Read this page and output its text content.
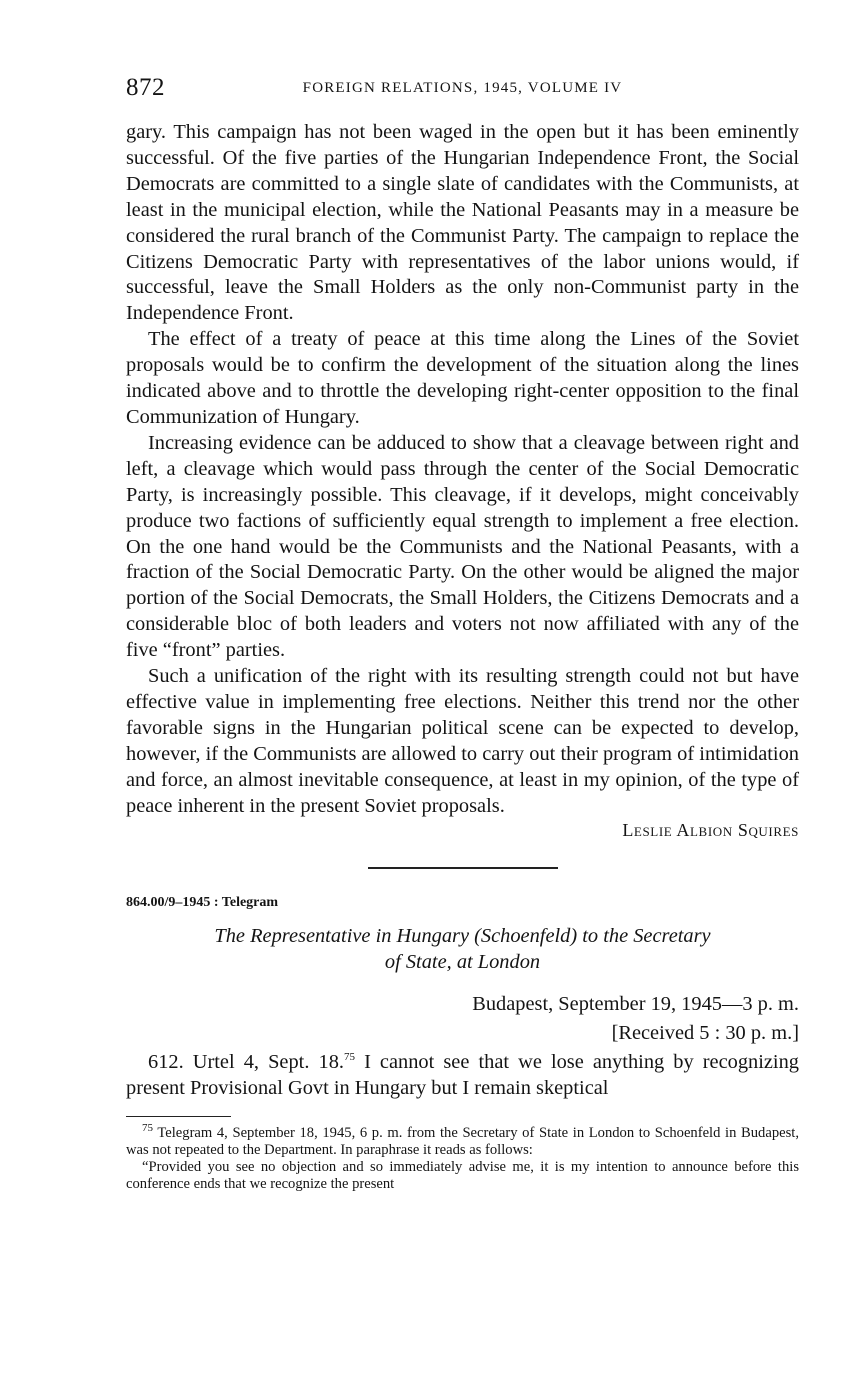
872	FOREIGN RELATIONS, 1945, VOLUME IV

gary. This campaign has not been waged in the open but it has been eminently successful. Of the five parties of the Hungarian Independence Front, the Social Democrats are committed to a single slate of candidates with the Communists, at least in the municipal election, while the National Peasants may in a measure be considered the rural branch of the Communist Party. The campaign to replace the Citizens Democratic Party with representatives of the labor unions would, if successful, leave the Small Holders as the only non-Communist party in the Independence Front.

The effect of a treaty of peace at this time along the Lines of the Soviet proposals would be to confirm the development of the situation along the lines indicated above and to throttle the developing right-center opposition to the final Communization of Hungary.

Increasing evidence can be adduced to show that a cleavage between right and left, a cleavage which would pass through the center of the Social Democratic Party, is increasingly possible. This cleavage, if it develops, might conceivably produce two factions of sufficiently equal strength to implement a free election. On the one hand would be the Communists and the National Peasants, with a fraction of the Social Democratic Party. On the other would be aligned the major portion of the Social Democrats, the Small Holders, the Citizens Democrats and a considerable bloc of both leaders and voters not now affiliated with any of the five “front” parties.

Such a unification of the right with its resulting strength could not but have effective value in implementing free elections. Neither this trend nor the other favorable signs in the Hungarian political scene can be expected to develop, however, if the Communists are allowed to carry out their program of intimidation and force, an almost inevitable consequence, at least in my opinion, of the type of peace inherent in the present Soviet proposals.

Leslie Albion Squires
864.00/9–1945 : Telegram
The Representative in Hungary (Schoenfeld) to the Secretary
of State, at London
Budapest, September 19, 1945—3 p. m.
[Received 5 : 30 p. m.]

612. Urtel 4, Sept. 18.75 I cannot see that we lose anything by recognizing present Provisional Govt in Hungary but I remain skeptical

$^{75}$ Telegram 4, September 18, 1945, 6 p. m. from the Secretary of State in London to Schoenfeld in Budapest, was not repeated to the Department. In paraphrase it reads as follows:

“Provided you see no objection and so immediately advise me, it is my intention to announce before this conference ends that we recognize the present
